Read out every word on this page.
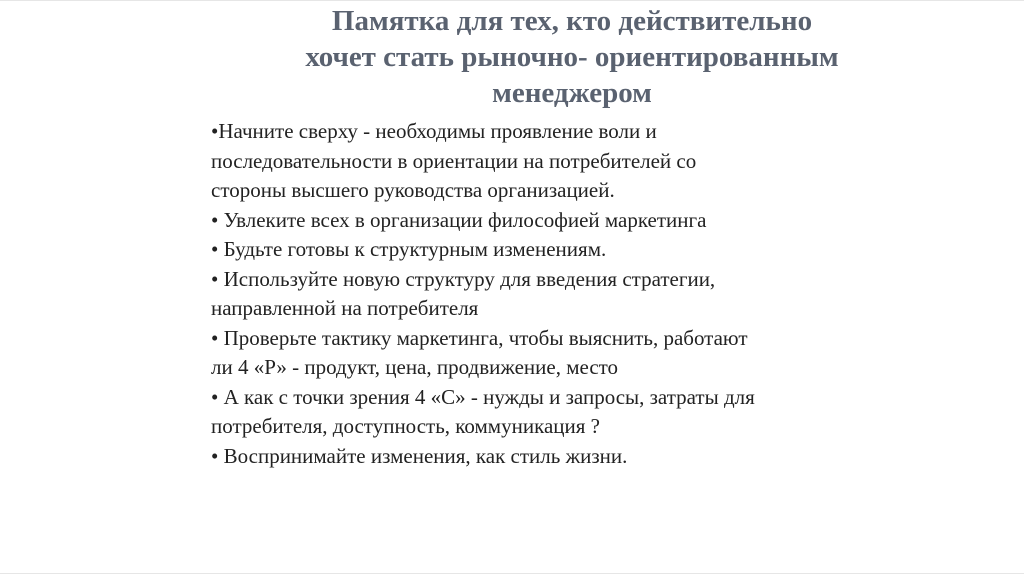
Памятка для тех, кто действительно
хочет стать рыночно- ориентированным
менеджером
•Начните сверху - необходимы проявление воли и
последовательности в ориентации на потребителей со
стороны высшего руководства организацией.
• Увлеките всех в организации философией маркетинга
• Будьте готовы к структурным изменениям.
• Используйте новую структуру для введения стратегии,
направленной на потребителя
• Проверьте тактику маркетинга, чтобы выяснить, работают
ли 4 «Р» - продукт, цена, продвижение, место
• А как с точки зрения 4 «С» - нужды и запросы, затраты для
потребителя, доступность, коммуникация ?
• Воспринимайте изменения, как стиль жизни.
